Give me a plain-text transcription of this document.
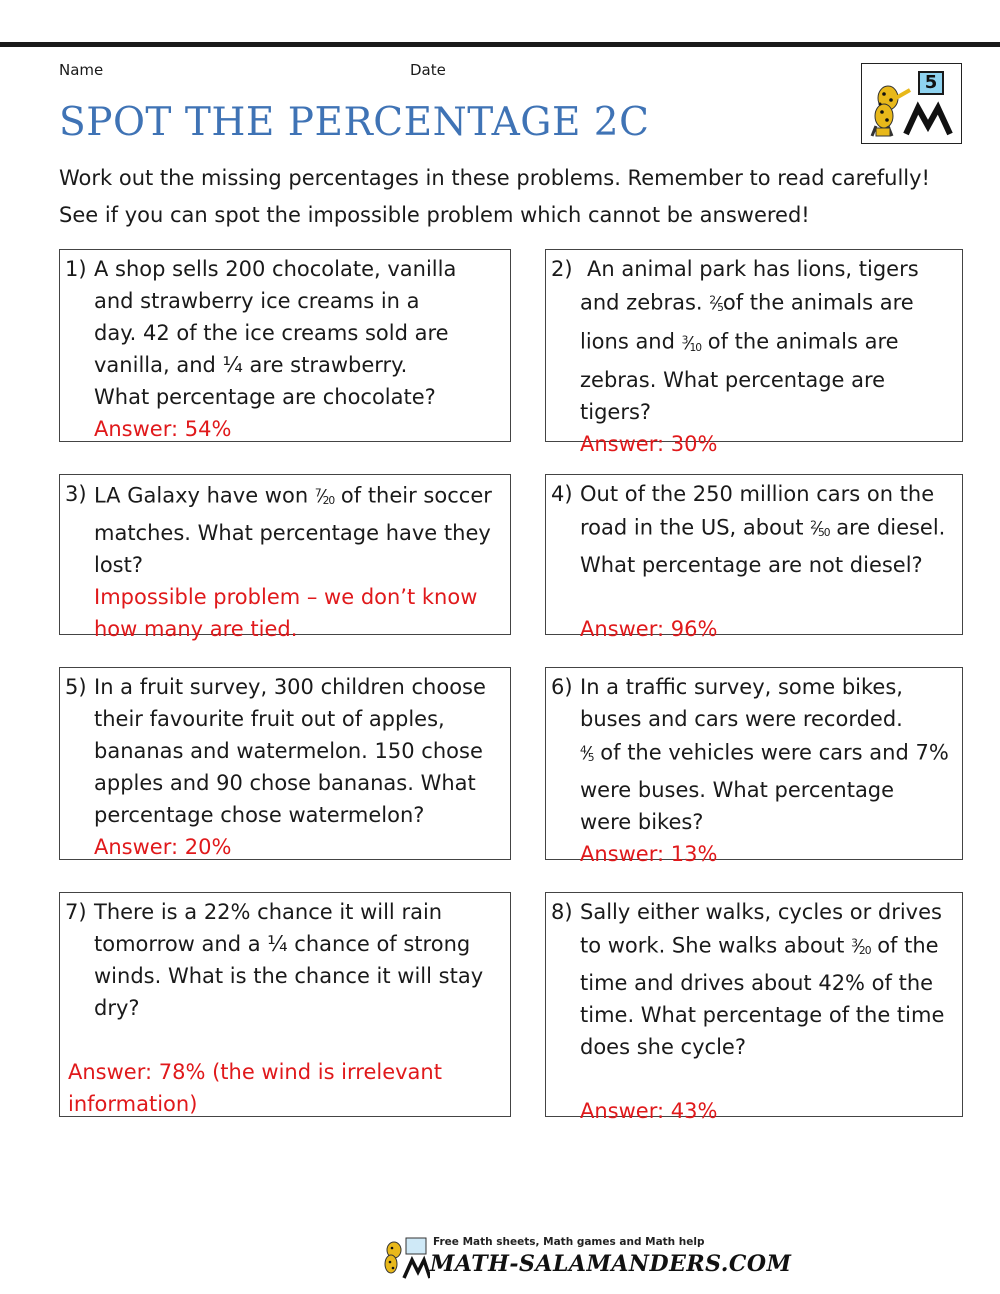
Name	Date
SPOT THE PERCENTAGE 2C
5

Work out the missing percentages in these problems. Remember to read carefully!
See if you can spot the impossible problem which cannot be answered!

1) A shop sells 200 chocolate, vanilla
and strawberry ice creams in a
day. 42 of the ice creams sold are
vanilla, and ¼ are strawberry.
What percentage are chocolate?
Answer: 54%
2) An animal park has lions, tigers
and zebras. $^2⁄_5of$ the animals are
lions and $^3⁄_{10}$ of the animals are
zebras. What percentage are
tigers?
Answer: 30%
3) LA Galaxy have won $^7⁄_{20}$ of their soccer
matches. What percentage have they
lost?
Impossible problem – we don’t know
how many are tied.
4) Out of the 250 million cars on the
road in the US, about $^2⁄_{50}$ are diesel.
What percentage are not diesel?

Answer: 96%
5) In a fruit survey, 300 children choose
their favourite fruit out of apples,
bananas and watermelon. 150 chose
apples and 90 chose bananas. What
percentage chose watermelon?
Answer: 20%
6) In a traffic survey, some bikes,
buses and cars were recorded.
$^4⁄_5$ of the vehicles were cars and 7%
were buses. What percentage
were bikes?
Answer: 13%
7) There is a 22% chance it will rain
tomorrow and a ¼ chance of strong
winds. What is the chance it will stay
dry?
Answer: 78% (the wind is irrelevant
information)
8) Sally either walks, cycles or drives
to work. She walks about $^3⁄_{20}$ of the
time and drives about 42% of the
time. What percentage of the time
does she cycle?

Answer: 43%
Free Math sheets, Math games and Math help
MATH-SALAMANDERS.COM
